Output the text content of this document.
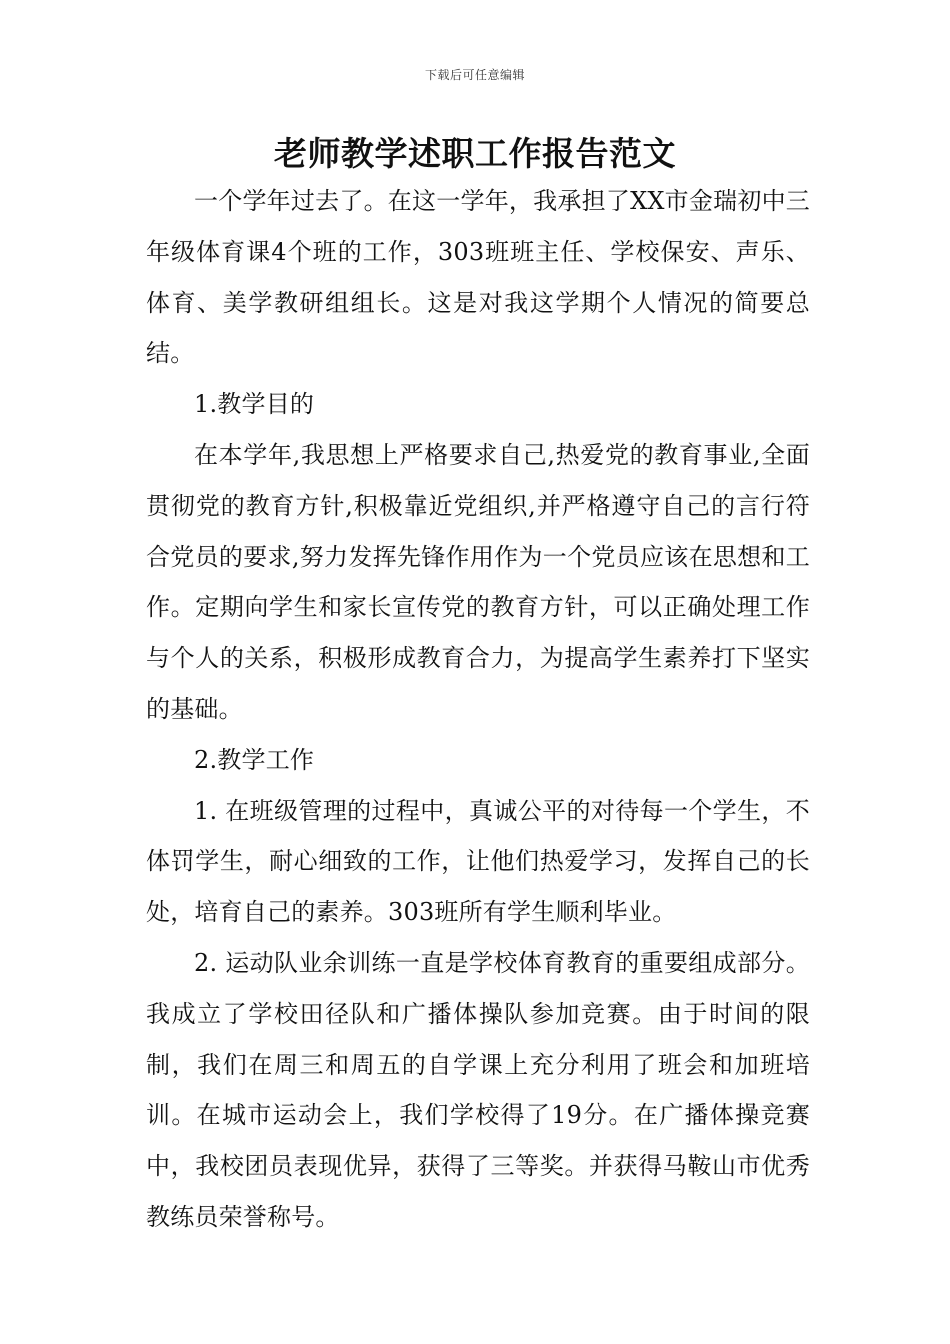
下载后可任意编辑
老师教学述职工作报告范文

一个学年过去了。在这一学年，我承担了XX市金瑞初中三年级体育课4个班的工作，303班班主任、学校保安、声乐、体育、美学教研组组长。这是对我这学期个人情况的简要总结。

1.教学目的

在本学年,我思想上严格要求自己,热爱党的教育事业,全面贯彻党的教育方针,积极靠近党组织,并严格遵守自己的言行符合党员的要求,努力发挥先锋作用作为一个党员应该在思想和工作。定期向学生和家长宣传党的教育方针，可以正确处理工作与个人的关系，积极形成教育合力，为提高学生素养打下坚实的基础。

2.教学工作

1. 在班级管理的过程中，真诚公平的对待每一个学生，不体罚学生，耐心细致的工作，让他们热爱学习，发挥自己的长处，培育自己的素养。303班所有学生顺利毕业。

2. 运动队业余训练一直是学校体育教育的重要组成部分。我成立了学校田径队和广播体操队参加竞赛。由于时间的限制，我们在周三和周五的自学课上充分利用了班会和加班培训。在城市运动会上，我们学校得了19分。在广播体操竞赛中，我校团员表现优异，获得了三等奖。并获得马鞍山市优秀教练员荣誉称号。
